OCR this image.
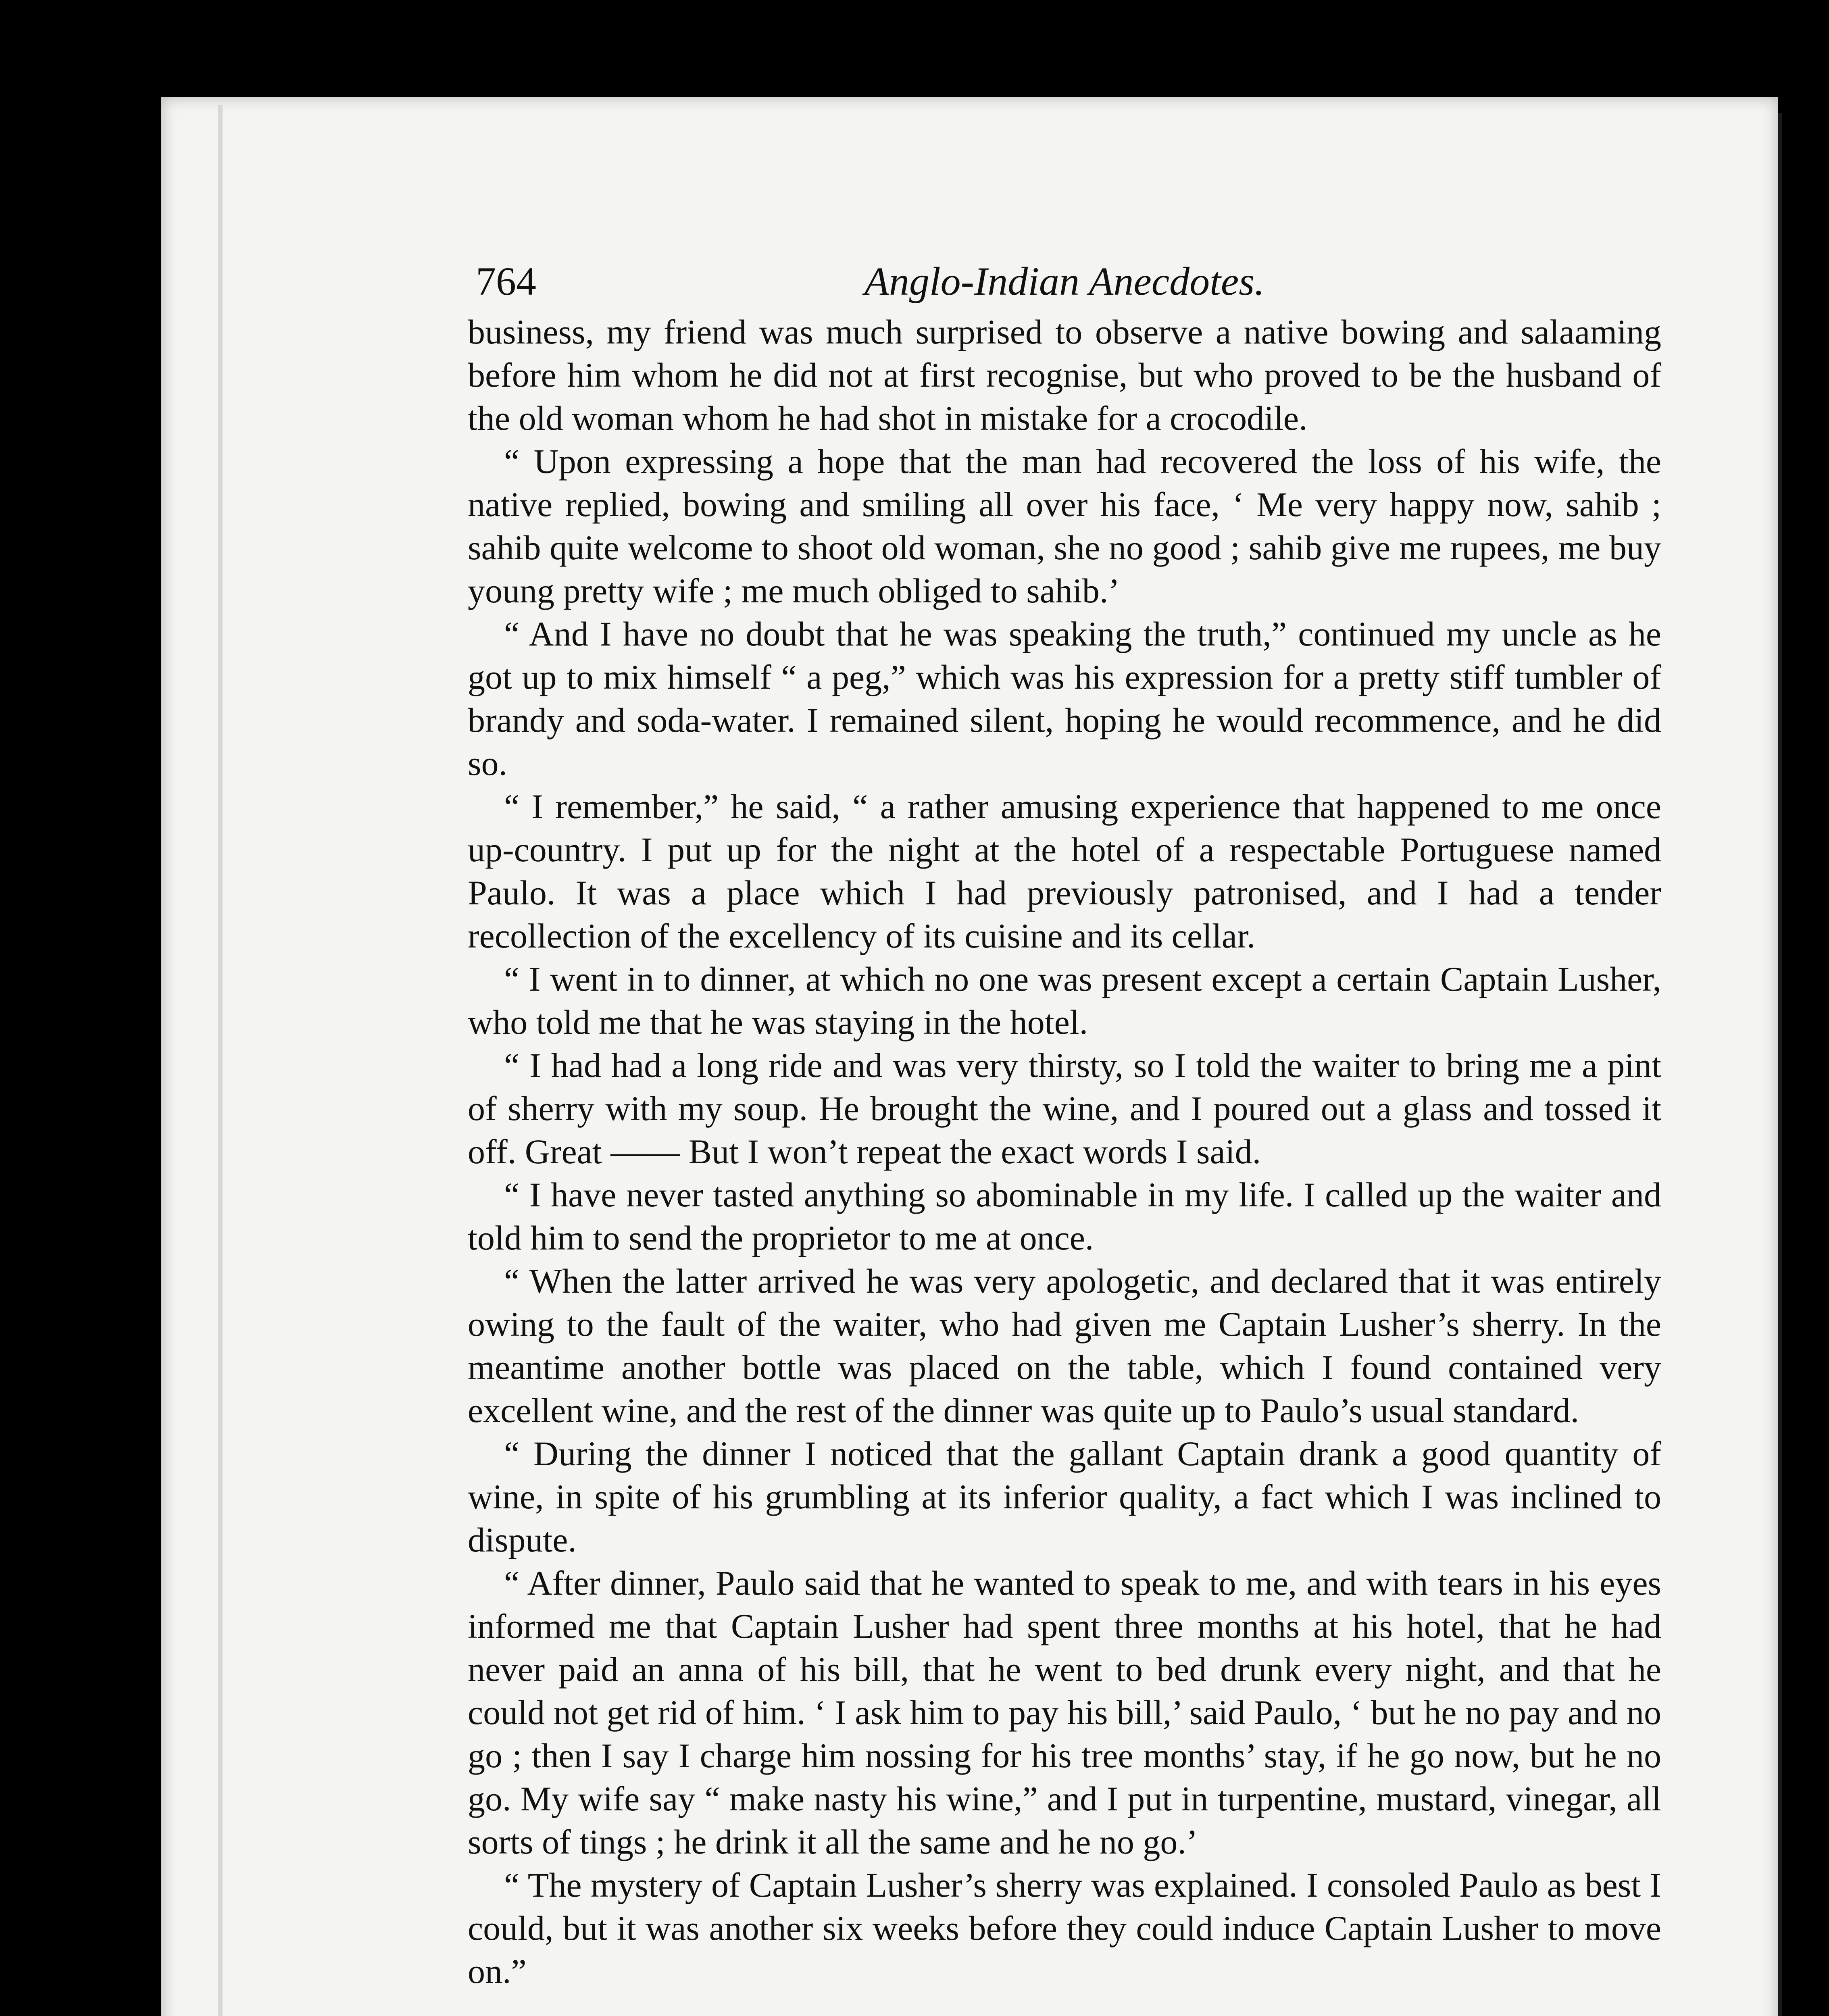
764	Anglo-Indian Anecdotes.

business, my friend was much surprised to observe a native bowing and salaaming before him whom he did not at first recognise, but who proved to be the husband of the old woman whom he had shot in mistake for a crocodile.

“ Upon expressing a hope that the man had recovered the loss of his wife, the native replied, bowing and smiling all over his face, ‘ Me very happy now, sahib ; sahib quite welcome to shoot old woman, she no good ; sahib give me rupees, me buy young pretty wife ; me much obliged to sahib.’

“ And I have no doubt that he was speaking the truth,” continued my uncle as he got up to mix himself “ a peg,” which was his expression for a pretty stiff tumbler of brandy and soda-water. I remained silent, hoping he would recommence, and he did so.

“ I remember,” he said, “ a rather amusing experience that happened to me once up-country. I put up for the night at the hotel of a respectable Portuguese named Paulo. It was a place which I had previously patronised, and I had a tender recollection of the excellency of its cuisine and its cellar.

“ I went in to dinner, at which no one was present except a certain Captain Lusher, who told me that he was staying in the hotel.

“ I had had a long ride and was very thirsty, so I told the waiter to bring me a pint of sherry with my soup. He brought the wine, and I poured out a glass and tossed it off. Great —— But I won’t repeat the exact words I said.

“ I have never tasted anything so abominable in my life. I called up the waiter and told him to send the proprietor to me at once.

“ When the latter arrived he was very apologetic, and declared that it was entirely owing to the fault of the waiter, who had given me Captain Lusher’s sherry. In the meantime another bottle was placed on the table, which I found contained very excellent wine, and the rest of the dinner was quite up to Paulo’s usual standard.

“ During the dinner I noticed that the gallant Captain drank a good quantity of wine, in spite of his grumbling at its inferior quality, a fact which I was inclined to dispute.

“ After dinner, Paulo said that he wanted to speak to me, and with tears in his eyes informed me that Captain Lusher had spent three months at his hotel, that he had never paid an anna of his bill, that he went to bed drunk every night, and that he could not get rid of him. ‘ I ask him to pay his bill,’ said Paulo, ‘ but he no pay and no go ; then I say I charge him nossing for his tree months’ stay, if he go now, but he no go. My wife say “ make nasty his wine,” and I put in turpentine, mustard, vinegar, all sorts of tings ; he drink it all the same and he no go.’

“ The mystery of Captain Lusher’s sherry was explained. I consoled Paulo as best I could, but it was another six weeks before they could induce Captain Lusher to move on.”
